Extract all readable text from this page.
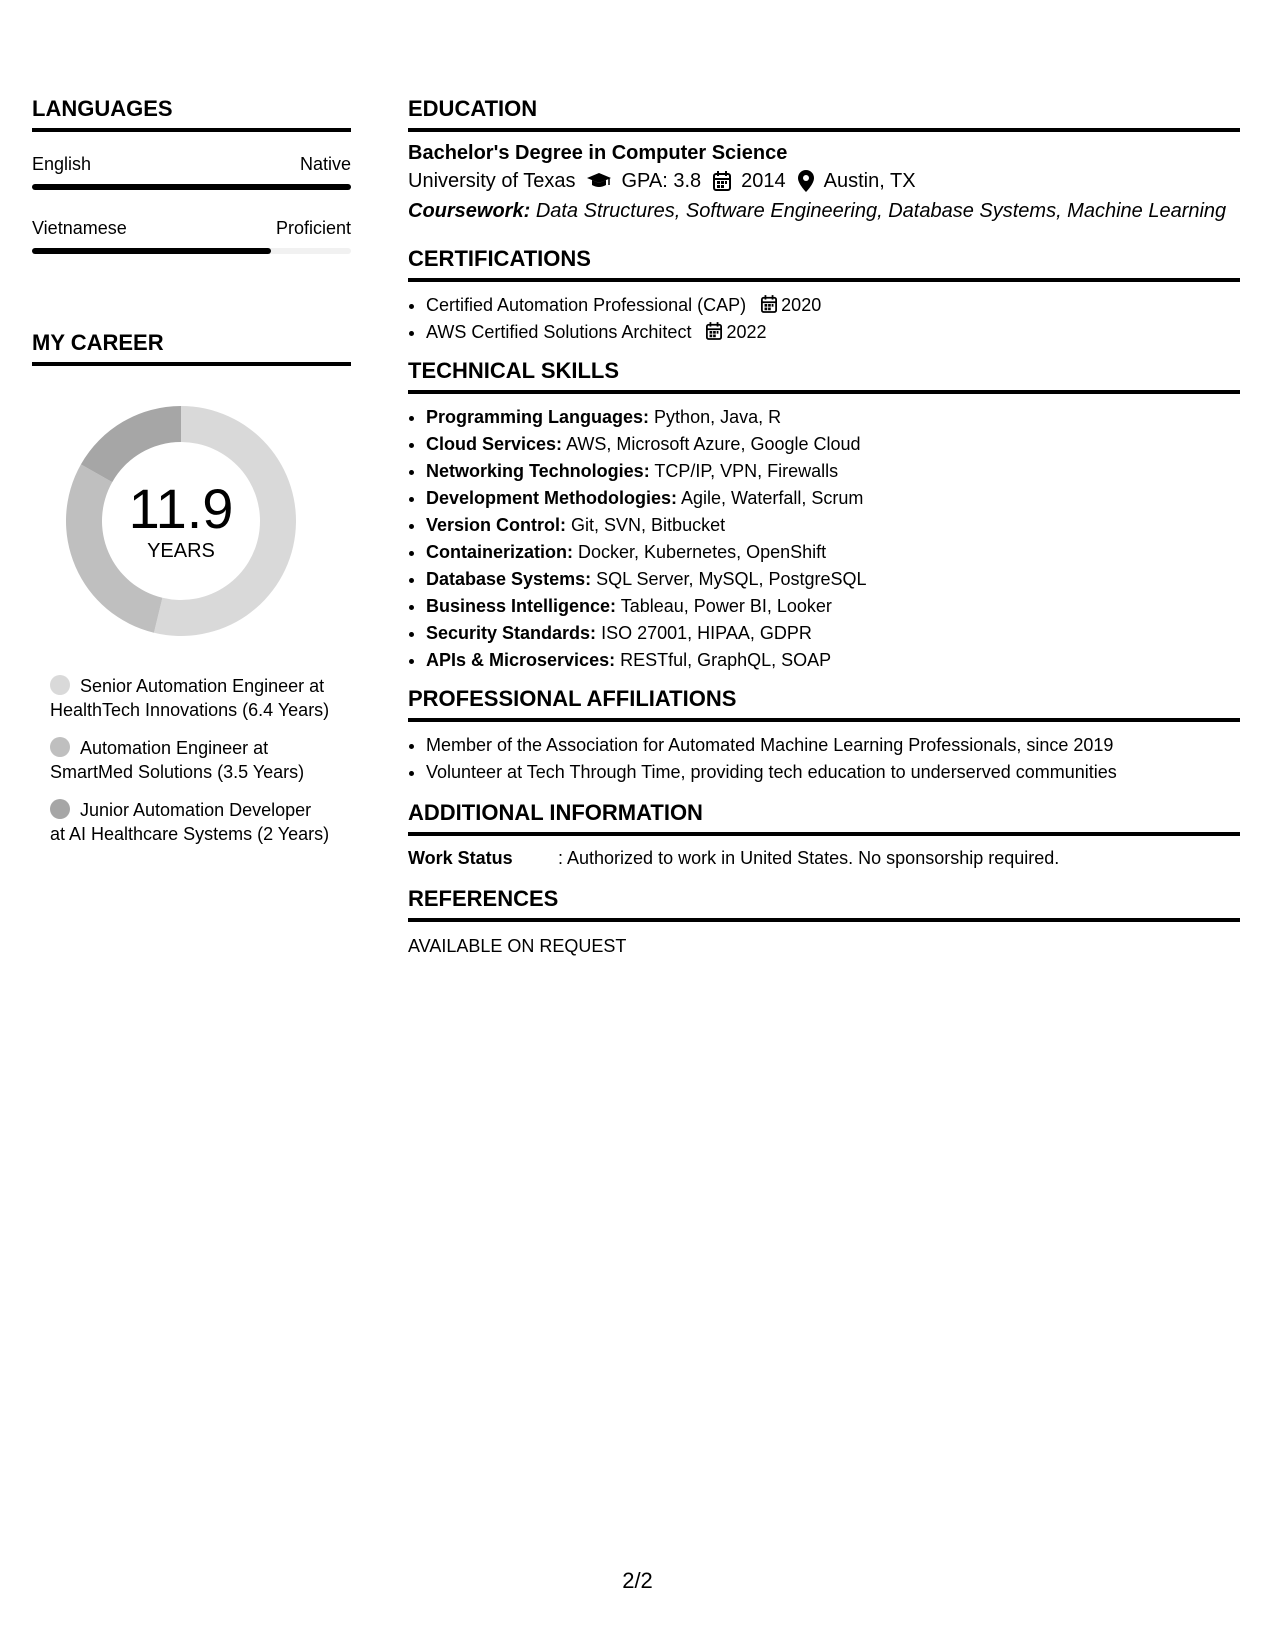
LANGUAGES
English	Native
Vietnamese	Proficient
MY CAREER
11.9
YEARS
Senior Automation Engineer at HealthTech Innovations (6.4 Years)
Automation Engineer at SmartMed Solutions (3.5 Years)
Junior Automation Developer at AI Healthcare Systems (2 Years)
EDUCATION
Bachelor's Degree in Computer Science
University of Texas GPA: 3.8 2014 Austin, TX
Coursework: Data Structures, Software Engineering, Database Systems, Machine Learning
CERTIFICATIONS
• Certified Automation Professional (CAP) 2020
• AWS Certified Solutions Architect 2022
TECHNICAL SKILLS
• Programming Languages: Python, Java, R
• Cloud Services: AWS, Microsoft Azure, Google Cloud
• Networking Technologies: TCP/IP, VPN, Firewalls
• Development Methodologies: Agile, Waterfall, Scrum
• Version Control: Git, SVN, Bitbucket
• Containerization: Docker, Kubernetes, OpenShift
• Database Systems: SQL Server, MySQL, PostgreSQL
• Business Intelligence: Tableau, Power BI, Looker
• Security Standards: ISO 27001, HIPAA, GDPR
• APIs & Microservices: RESTful, GraphQL, SOAP
PROFESSIONAL AFFILIATIONS
• Member of the Association for Automated Machine Learning Professionals, since 2019
• Volunteer at Tech Through Time, providing tech education to underserved communities
ADDITIONAL INFORMATION
Work Status	: Authorized to work in United States. No sponsorship required.
REFERENCES
AVAILABLE ON REQUEST
2/2
